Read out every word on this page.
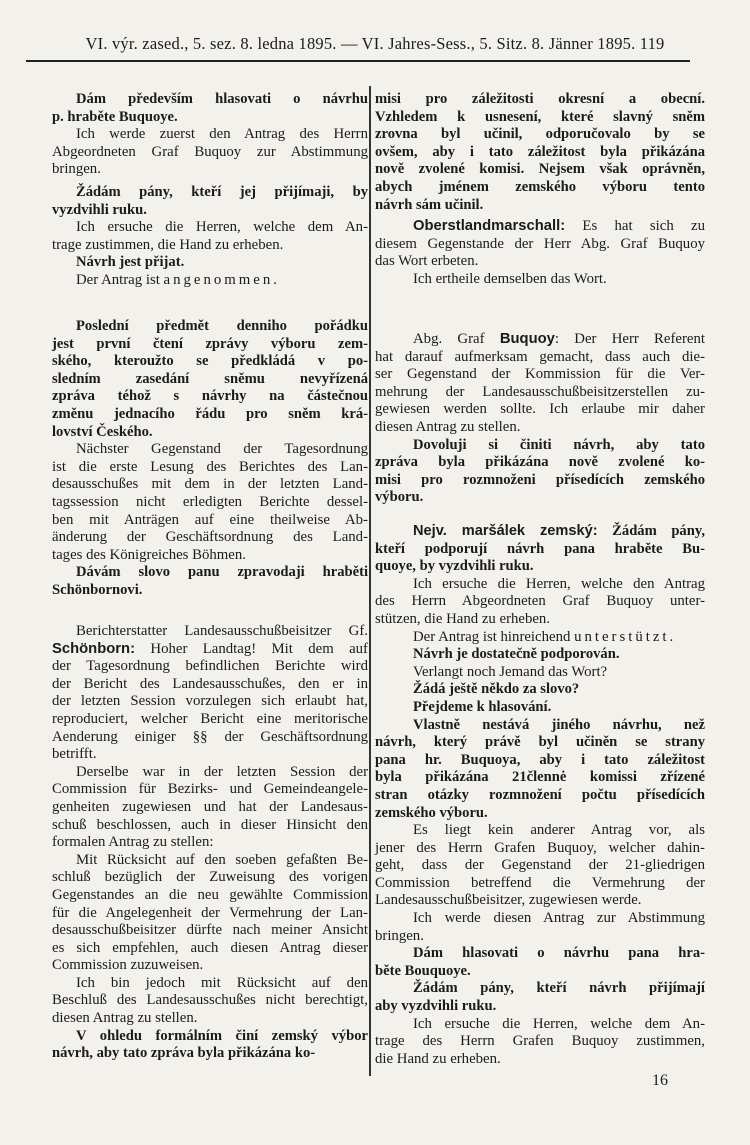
VI. výr. zased., 5. sez. 8. ledna 1895. — VI. Jahres-Sess., 5. Sitz. 8. Jänner 1895. 119
Dám především hlasovati o návrhu
p. hraběte Buquoye.
Ich werde zuerst den Antrag des Herrn
Abgeordneten Graf Buquoy zur Abstimmung
bringen.
Žádám pány, kteří jej přijímaji, by
vyzdvihli ruku.
Ich ersuche die Herren, welche dem An-
trage zustimmen, die Hand zu erheben.
Návrh jest přijat.
Der Antrag ist angenommen.
Poslední předmět denniho pořádku
jest první čtení zprávy výboru zem-
ského, kteroužto se předkládá v po-
sledním zasedání sněmu nevyřízená
zpráva téhož s návrhy na částečnou
změnu jednacího řádu pro sněm krá-
lovství Českého.
Nächster Gegenstand der Tagesordnung
ist die erste Lesung des Berichtes des Lan-
desausschußes mit dem in der letzten Land-
tagssession nicht erledigten Berichte dessel-
ben mit Anträgen auf eine theilweise Ab-
änderung der Geschäftsordnung des Land-
tages des Königreiches Böhmen.
Dávám slovo panu zpravodaji hraběti
Schönbornovi.
Berichterstatter Landesausschußbeisitzer Gf.
Schönborn: Hoher Landtag! Mit dem auf
der Tagesordnung befindlichen Berichte wird
der Bericht des Landesausschußes, den er in
der letzten Session vorzulegen sich erlaubt hat,
reproduciert, welcher Bericht eine meritorische
Aenderung einiger §§ der Geschäftsordnung
betrifft.
Derselbe war in der letzten Session der
Commission für Bezirks- und Gemeindeangele-
genheiten zugewiesen und hat der Landesaus-
schuß beschlossen, auch in dieser Hinsicht den
formalen Antrag zu stellen:
Mit Rücksicht auf den soeben gefaßten Be-
schluß bezüglich der Zuweisung des vorigen
Gegenstandes an die neu gewählte Commission
für die Angelegenheit der Vermehrung der Lan-
desausschußbeisitzer dürfte nach meiner Ansicht
es sich empfehlen, auch diesen Antrag dieser
Commission zuzuweisen.
Ich bin jedoch mit Rücksicht auf den
Beschluß des Landesausschußes nicht berechtigt,
diesen Antrag zu stellen.
V ohledu formálním činí zemský výbor
návrh, aby tato zpráva byla přikázána ko-
misi pro záležitosti okresní a obecní.
Vzhledem k usnesení, které slavný sněm
zrovna byl učinil, odporučovalo by se
ovšem, aby i tato záležitost byla přikázána
nově zvolené komisi. Nejsem však oprávněn,
abych jménem zemského výboru tento
návrh sám učinil.
Oberstlandmarschall: Es hat sich zu
diesem Gegenstande der Herr Abg. Graf Buquoy
das Wort erbeten.
Ich ertheile demselben das Wort.
Abg. Graf Buquoy: Der Herr Referent
hat darauf aufmerksam gemacht, dass auch die-
ser Gegenstand der Kommission für die Ver-
mehrung der Landesausschußbeisitzerstellen zu-
gewiesen werden sollte. Ich erlaube mir daher
diesen Antrag zu stellen.
Dovoluji si činiti návrh, aby tato
zpráva byla přikázána nově zvolené ko-
misi pro rozmnoženi přísedících zemského
výboru.
Nejv. maršálek zemský: Žádám pány,
kteří podporují návrh pana hraběte Bu-
quoye, by vyzdvihli ruku.
Ich ersuche die Herren, welche den Antrag
des Herrn Abgeordneten Graf Buquoy unter-
stützen, die Hand zu erheben.
Der Antrag ist hinreichend unterstützt.
Návrh je dostatečně podporován.
Verlangt noch Jemand das Wort?
Žádá ještě někdo za slovo?
Přejdeme k hlasování.
Vlastně nestává jiného návrhu, než
návrh, který právě byl učiněn se strany
pana hr. Buquoya, aby i tato záležitost
byla přikázána 21člennė komissi zřízené
stran otázky rozmnožení počtu přísedících
zemského výboru.
Es liegt kein anderer Antrag vor, als
jener des Herrn Grafen Buquoy, welcher dahin-
geht, dass der Gegenstand der 21-gliedrigen
Commission betreffend die Vermehrung der
Landesausschußbeisitzer, zugewiesen werde.
Ich werde diesen Antrag zur Abstimmung
bringen.
Dám hlasovati o návrhu pana hra-
běte Bouquoye.
Žádám pány, kteří návrh přijímají
aby vyzdvihli ruku.
Ich ersuche die Herren, welche dem An-
trage des Herrn Grafen Buquoy zustimmen,
die Hand zu erheben.
16
